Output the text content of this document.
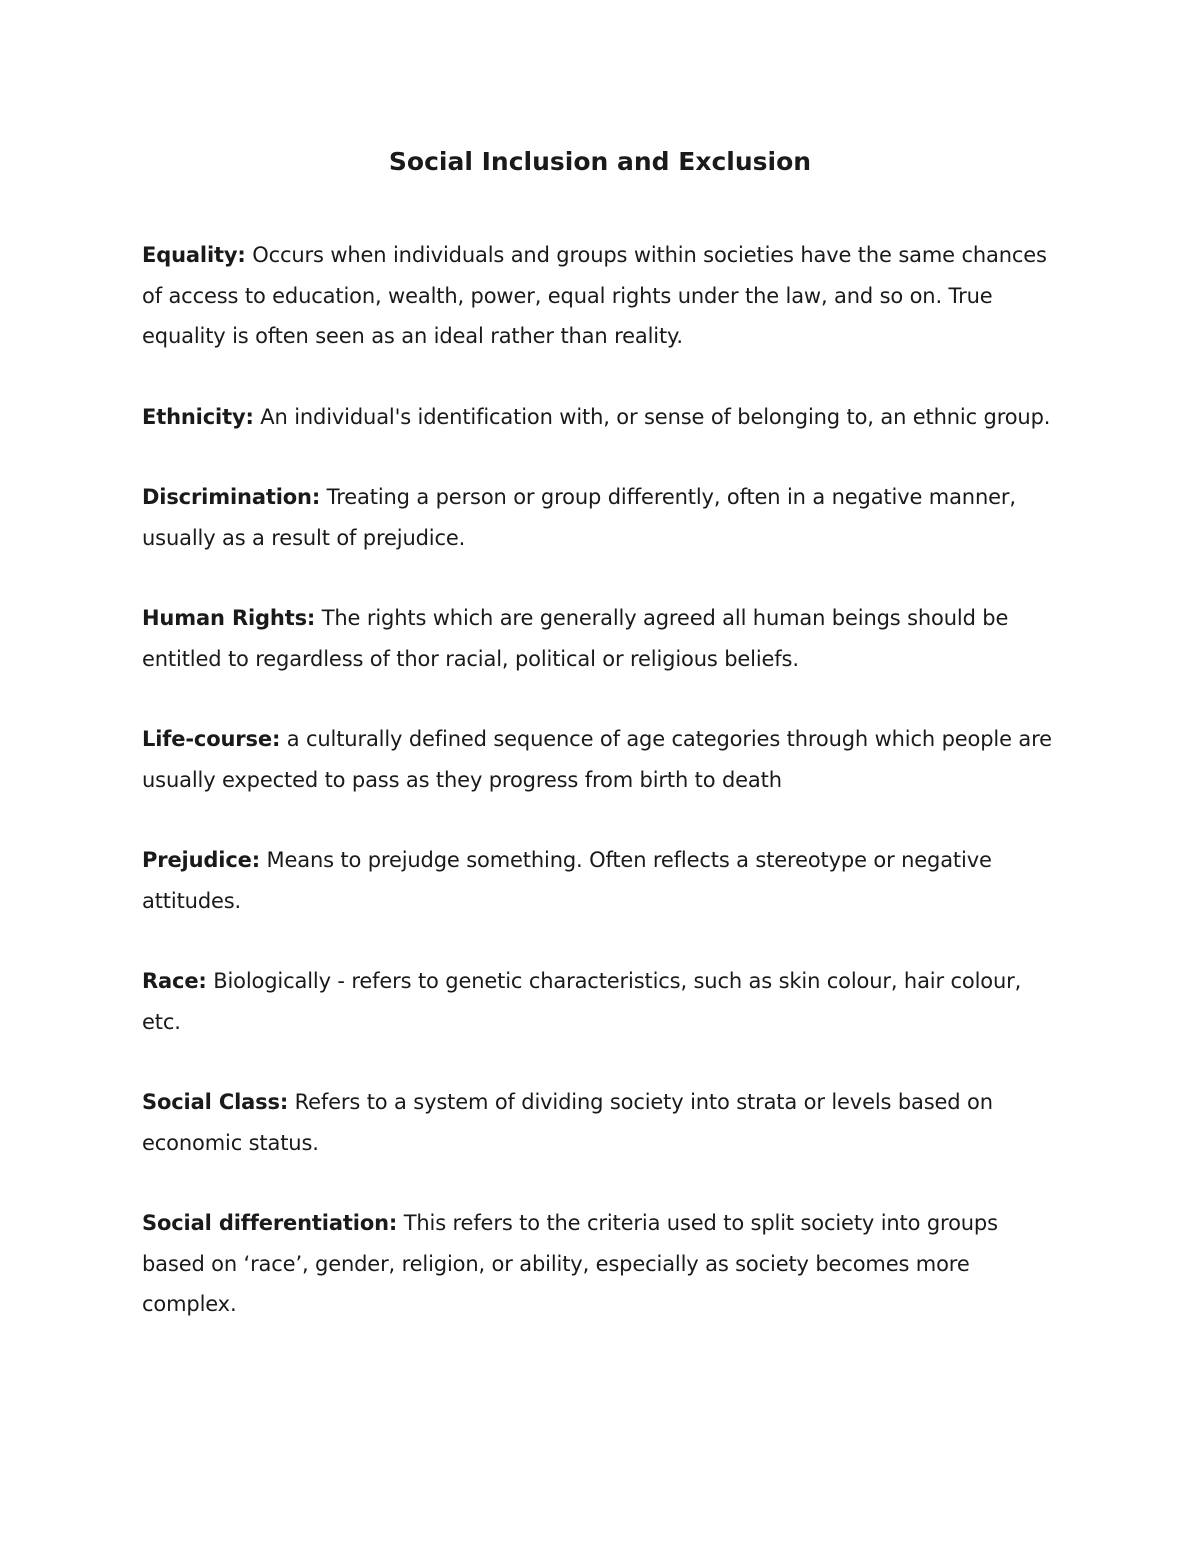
Social Inclusion and Exclusion

Equality: Occurs when individuals and groups within societies have the same chances of access to education, wealth, power, equal rights under the law, and so on. True equality is often seen as an ideal rather than reality.

Ethnicity: An individual's identification with, or sense of belonging to, an ethnic group.

Discrimination: Treating a person or group differently, often in a negative manner, usually as a result of prejudice.

Human Rights: The rights which are generally agreed all human beings should be entitled to regardless of thor racial, political or religious beliefs.

Life-course: a culturally defined sequence of age categories through which people are usually expected to pass as they progress from birth to death

Prejudice: Means to prejudge something. Often reflects a stereotype or negative attitudes.

Race: Biologically - refers to genetic characteristics, such as skin colour, hair colour, etc.

Social Class: Refers to a system of dividing society into strata or levels based on economic status.

Social differentiation: This refers to the criteria used to split society into groups based on ‘race’, gender, religion, or ability, especially as society becomes more complex.
